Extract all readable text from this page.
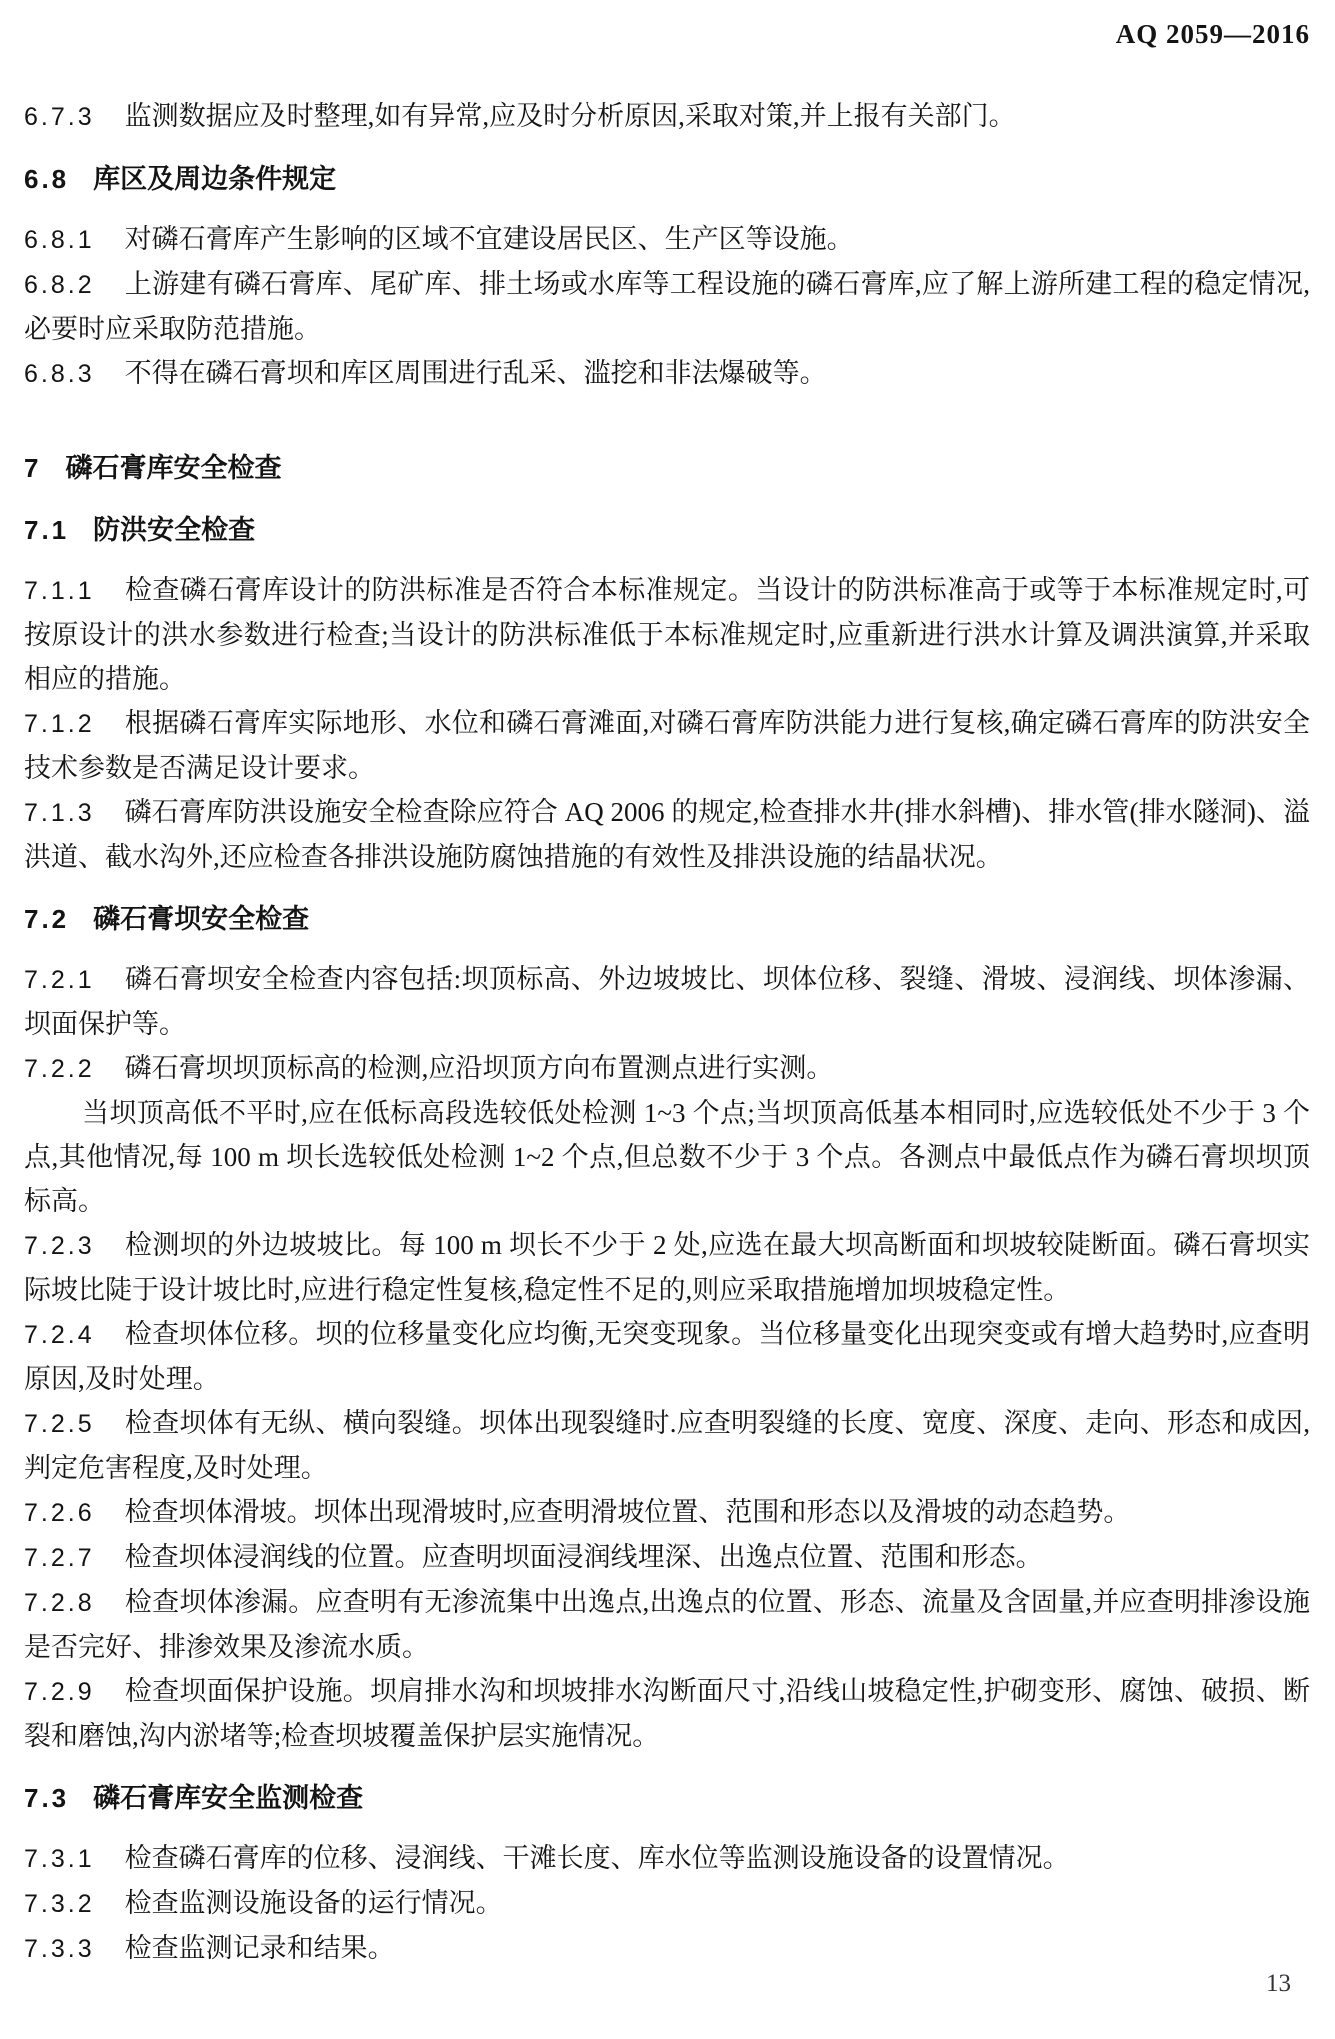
AQ 2059—2016

6.7.3 监测数据应及时整理,如有异常,应及时分析原因,采取对策,并上报有关部门。

6.8 库区及周边条件规定

6.8.1 对磷石膏库产生影响的区域不宜建设居民区、生产区等设施。

6.8.2 上游建有磷石膏库、尾矿库、排土场或水库等工程设施的磷石膏库,应了解上游所建工程的稳定情况,必要时应采取防范措施。

6.8.3 不得在磷石膏坝和库区周围进行乱采、滥挖和非法爆破等。

7 磷石膏库安全检查
7.1 防洪安全检查

7.1.1 检查磷石膏库设计的防洪标准是否符合本标准规定。当设计的防洪标准高于或等于本标准规定时,可按原设计的洪水参数进行检查;当设计的防洪标准低于本标准规定时,应重新进行洪水计算及调洪演算,并采取相应的措施。

7.1.2 根据磷石膏库实际地形、水位和磷石膏滩面,对磷石膏库防洪能力进行复核,确定磷石膏库的防洪安全技术参数是否满足设计要求。

7.1.3 磷石膏库防洪设施安全检查除应符合 AQ 2006 的规定,检查排水井(排水斜槽)、排水管(排水隧洞)、溢洪道、截水沟外,还应检查各排洪设施防腐蚀措施的有效性及排洪设施的结晶状况。

7.2 磷石膏坝安全检查

7.2.1 磷石膏坝安全检查内容包括:坝顶标高、外边坡坡比、坝体位移、裂缝、滑坡、浸润线、坝体渗漏、坝面保护等。

7.2.2 磷石膏坝坝顶标高的检测,应沿坝顶方向布置测点进行实测。

当坝顶高低不平时,应在低标高段选较低处检测 1~3 个点;当坝顶高低基本相同时,应选较低处不少于 3 个点,其他情况,每 100 m 坝长选较低处检测 1~2 个点,但总数不少于 3 个点。各测点中最低点作为磷石膏坝坝顶标高。

7.2.3 检测坝的外边坡坡比。每 100 m 坝长不少于 2 处,应选在最大坝高断面和坝坡较陡断面。磷石膏坝实际坡比陡于设计坡比时,应进行稳定性复核,稳定性不足的,则应采取措施增加坝坡稳定性。

7.2.4 检查坝体位移。坝的位移量变化应均衡,无突变现象。当位移量变化出现突变或有增大趋势时,应查明原因,及时处理。

7.2.5 检查坝体有无纵、横向裂缝。坝体出现裂缝时.应查明裂缝的长度、宽度、深度、走向、形态和成因,判定危害程度,及时处理。

7.2.6 检查坝体滑坡。坝体出现滑坡时,应查明滑坡位置、范围和形态以及滑坡的动态趋势。

7.2.7 检查坝体浸润线的位置。应查明坝面浸润线埋深、出逸点位置、范围和形态。

7.2.8 检查坝体渗漏。应查明有无渗流集中出逸点,出逸点的位置、形态、流量及含固量,并应查明排渗设施是否完好、排渗效果及渗流水质。

7.2.9 检查坝面保护设施。坝肩排水沟和坝坡排水沟断面尺寸,沿线山坡稳定性,护砌变形、腐蚀、破损、断裂和磨蚀,沟内淤堵等;检查坝坡覆盖保护层实施情况。

7.3 磷石膏库安全监测检查

7.3.1 检查磷石膏库的位移、浸润线、干滩长度、库水位等监测设施设备的设置情况。

7.3.2 检查监测设施设备的运行情况。

7.3.3 检查监测记录和结果。

13
